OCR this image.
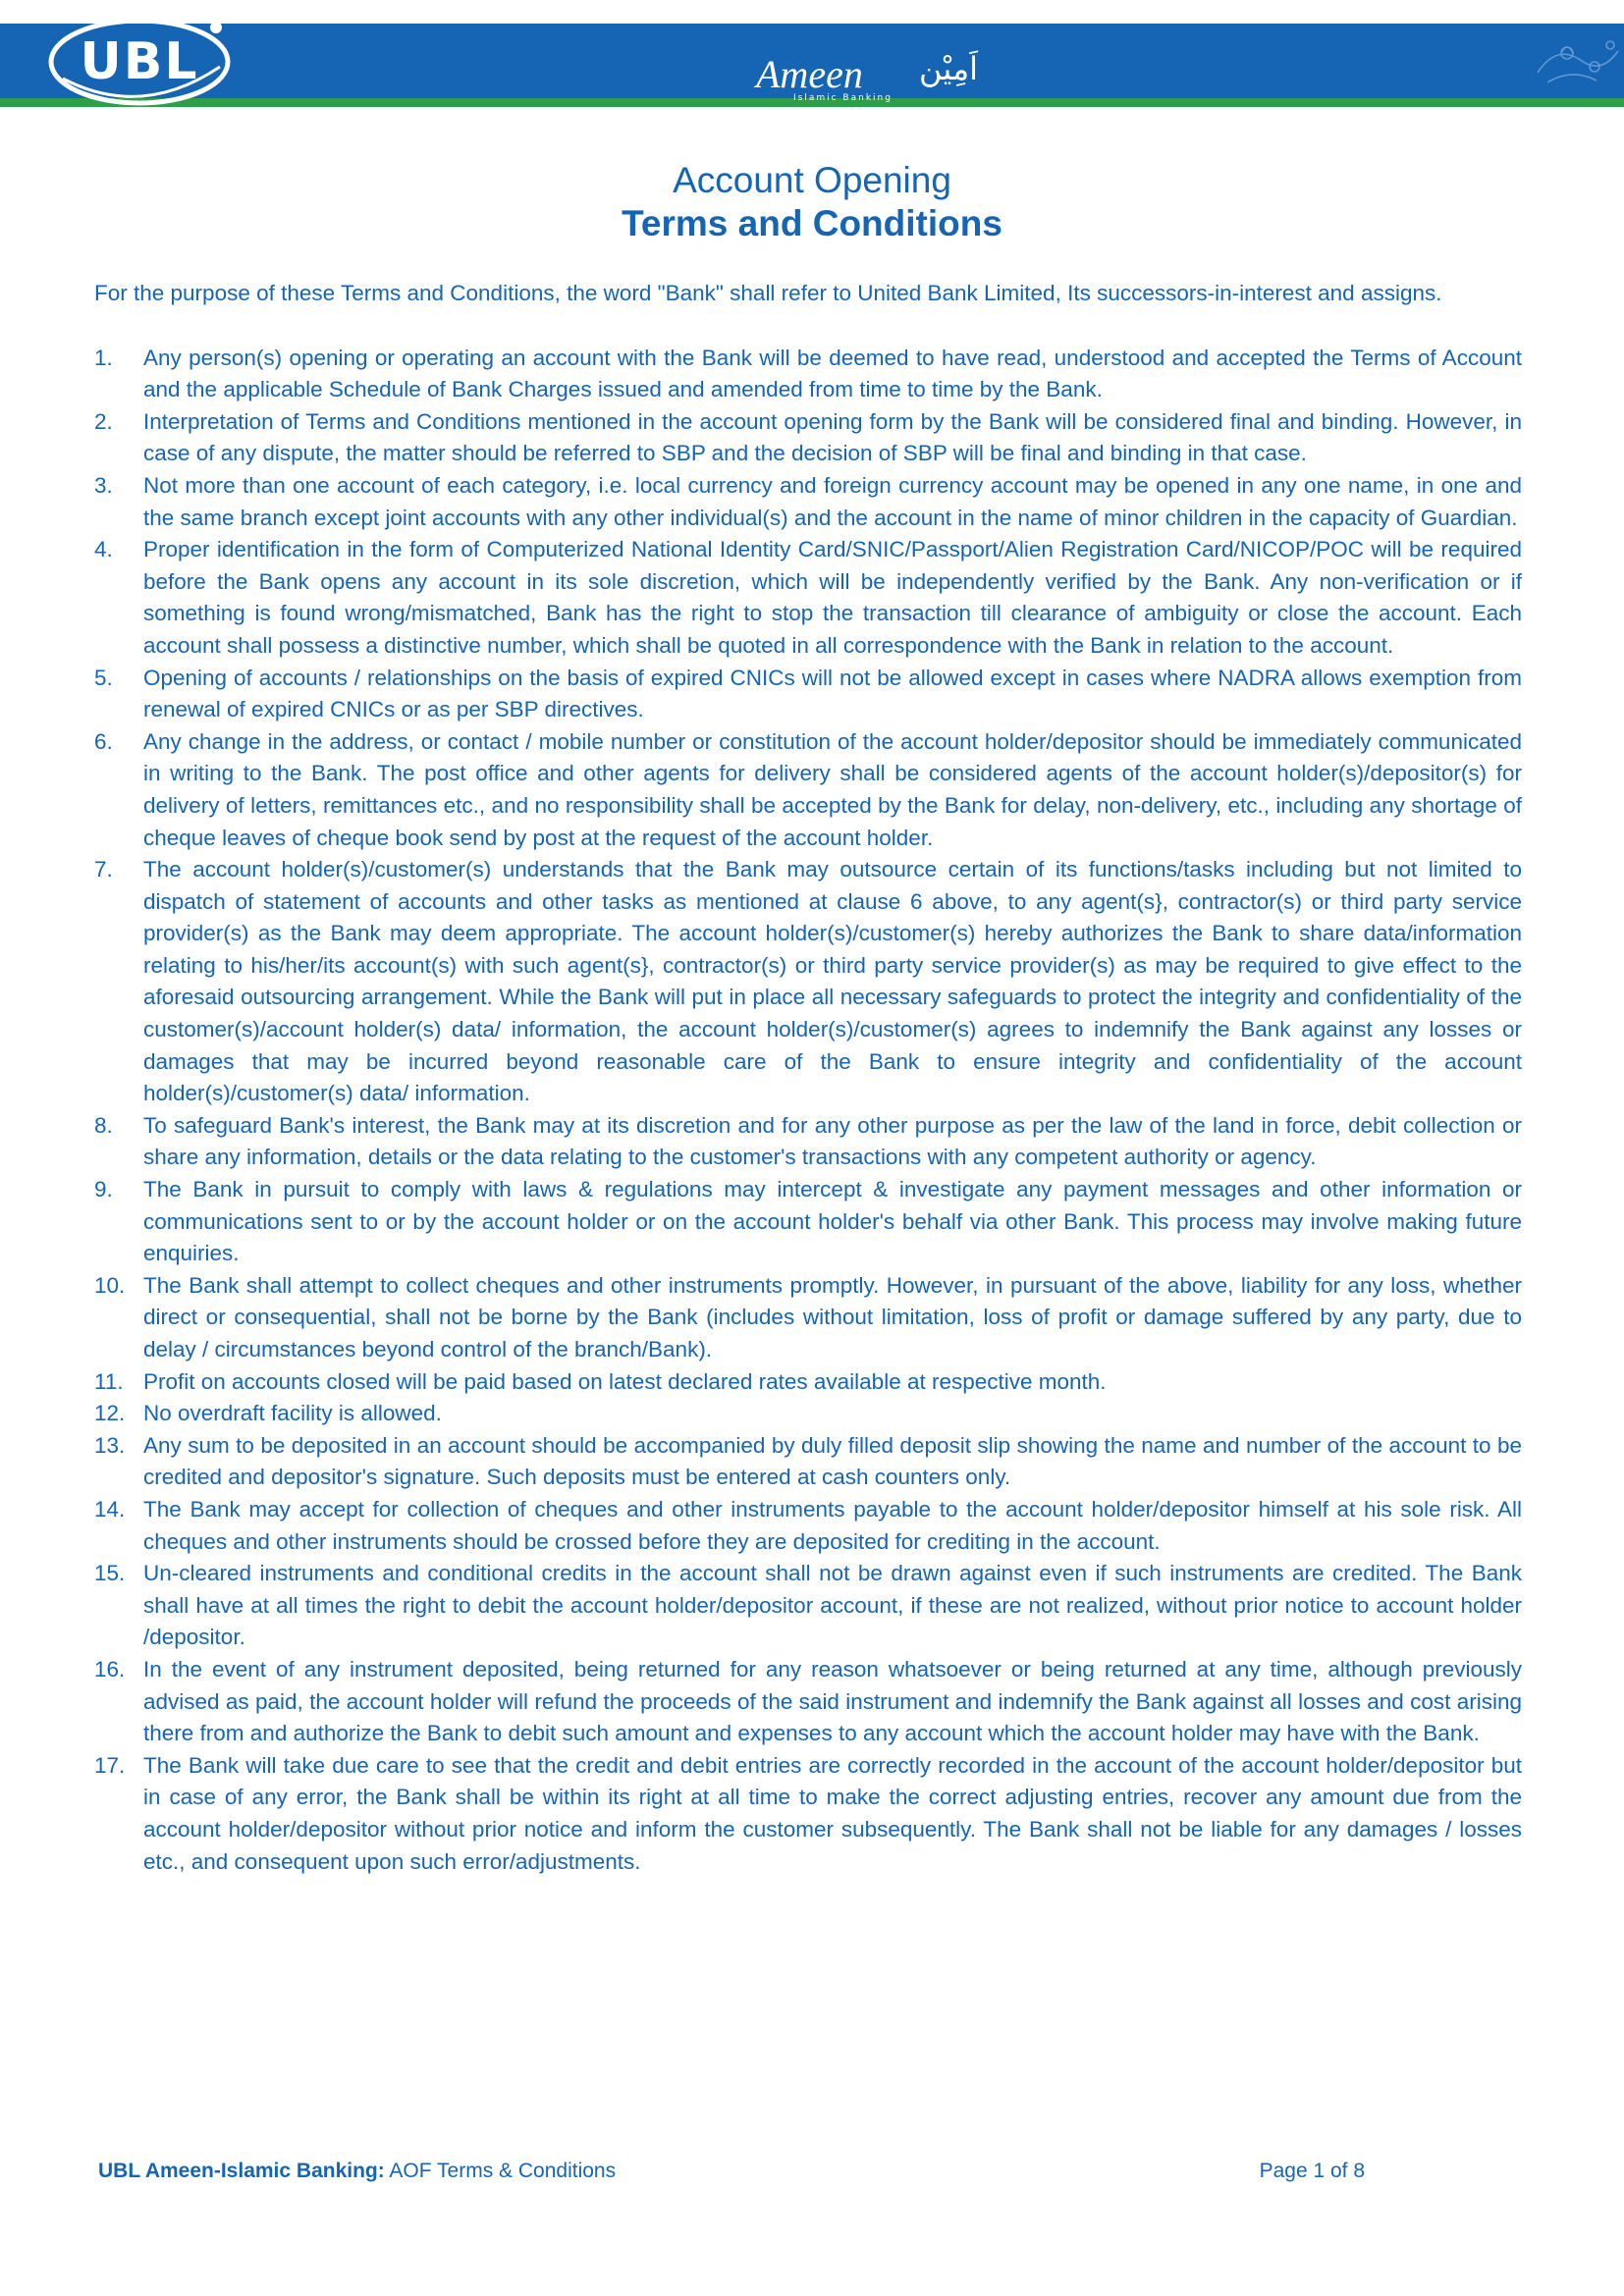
UBL	Ameen
Islamic Banking
اَمِیْن
Account Opening
Terms and Conditions

For the purpose of these Terms and Conditions, the word "Bank" shall refer to United Bank Limited, Its successors-in-interest and assigns.

1. Any person(s) opening or operating an account with the Bank will be deemed to have read, understood and accepted the Terms of Account and the applicable Schedule of Bank Charges issued and amended from time to time by the Bank.
2. Interpretation of Terms and Conditions mentioned in the account opening form by the Bank will be considered final and binding. However, in case of any dispute, the matter should be referred to SBP and the decision of SBP will be final and binding in that case.
3. Not more than one account of each category, i.e. local currency and foreign currency account may be opened in any one name, in one and the same branch except joint accounts with any other individual(s) and the account in the name of minor children in the capacity of Guardian.
4. Proper identification in the form of Computerized National Identity Card/SNIC/Passport/Alien Registration Card/NICOP/POC will be required before the Bank opens any account in its sole discretion, which will be independently verified by the Bank. Any non-verification or if something is found wrong/mismatched, Bank has the right to stop the transaction till clearance of ambiguity or close the account. Each account shall possess a distinctive number, which shall be quoted in all correspondence with the Bank in relation to the account.
5. Opening of accounts / relationships on the basis of expired CNICs will not be allowed except in cases where NADRA allows exemption from renewal of expired CNICs or as per SBP directives.
6. Any change in the address, or contact / mobile number or constitution of the account holder/depositor should be immediately communicated in writing to the Bank. The post office and other agents for delivery shall be considered agents of the account holder(s)/depositor(s) for delivery of letters, remittances etc., and no responsibility shall be accepted by the Bank for delay, non-delivery, etc., including any shortage of cheque leaves of cheque book send by post at the request of the account holder.
7. The account holder(s)/customer(s) understands that the Bank may outsource certain of its functions/tasks including but not limited to dispatch of statement of accounts and other tasks as mentioned at clause 6 above, to any agent(s}, contractor(s) or third party service provider(s) as the Bank may deem appropriate. The account holder(s)/customer(s) hereby authorizes the Bank to share data/information relating to his/her/its account(s) with such agent(s}, contractor(s) or third party service provider(s) as may be required to give effect to the aforesaid outsourcing arrangement. While the Bank will put in place all necessary safeguards to protect the integrity and confidentiality of the customer(s)/account holder(s) data/ information, the account holder(s)/customer(s) agrees to indemnify the Bank against any losses or damages that may be incurred beyond reasonable care of the Bank to ensure integrity and confidentiality of the account holder(s)/customer(s) data/ information.
8. To safeguard Bank's interest, the Bank may at its discretion and for any other purpose as per the law of the land in force, debit collection or share any information, details or the data relating to the customer's transactions with any competent authority or agency.
9. The Bank in pursuit to comply with laws & regulations may intercept & investigate any payment messages and other information or communications sent to or by the account holder or on the account holder's behalf via other Bank. This process may involve making future enquiries.
10. The Bank shall attempt to collect cheques and other instruments promptly. However, in pursuant of the above, liability for any loss, whether direct or consequential, shall not be borne by the Bank (includes without limitation, loss of profit or damage suffered by any party, due to delay / circumstances beyond control of the branch/Bank).
11. Profit on accounts closed will be paid based on latest declared rates available at respective month.
12. No overdraft facility is allowed.
13. Any sum to be deposited in an account should be accompanied by duly filled deposit slip showing the name and number of the account to be credited and depositor's signature. Such deposits must be entered at cash counters only.
14. The Bank may accept for collection of cheques and other instruments payable to the account holder/depositor himself at his sole risk. All cheques and other instruments should be crossed before they are deposited for crediting in the account.
15. Un-cleared instruments and conditional credits in the account shall not be drawn against even if such instruments are credited. The Bank shall have at all times the right to debit the account holder/depositor account, if these are not realized, without prior notice to account holder /depositor.
16. In the event of any instrument deposited, being returned for any reason whatsoever or being returned at any time, although previously advised as paid, the account holder will refund the proceeds of the said instrument and indemnify the Bank against all losses and cost arising there from and authorize the Bank to debit such amount and expenses to any account which the account holder may have with the Bank.
17. The Bank will take due care to see that the credit and debit entries are correctly recorded in the account of the account holder/depositor but in case of any error, the Bank shall be within its right at all time to make the correct adjusting entries, recover any amount due from the account holder/depositor without prior notice and inform the customer subsequently. The Bank shall not be liable for any damages / losses etc., and consequent upon such error/adjustments.
UBL Ameen-Islamic Banking: AOF Terms & Conditions	Page 1 of 8
